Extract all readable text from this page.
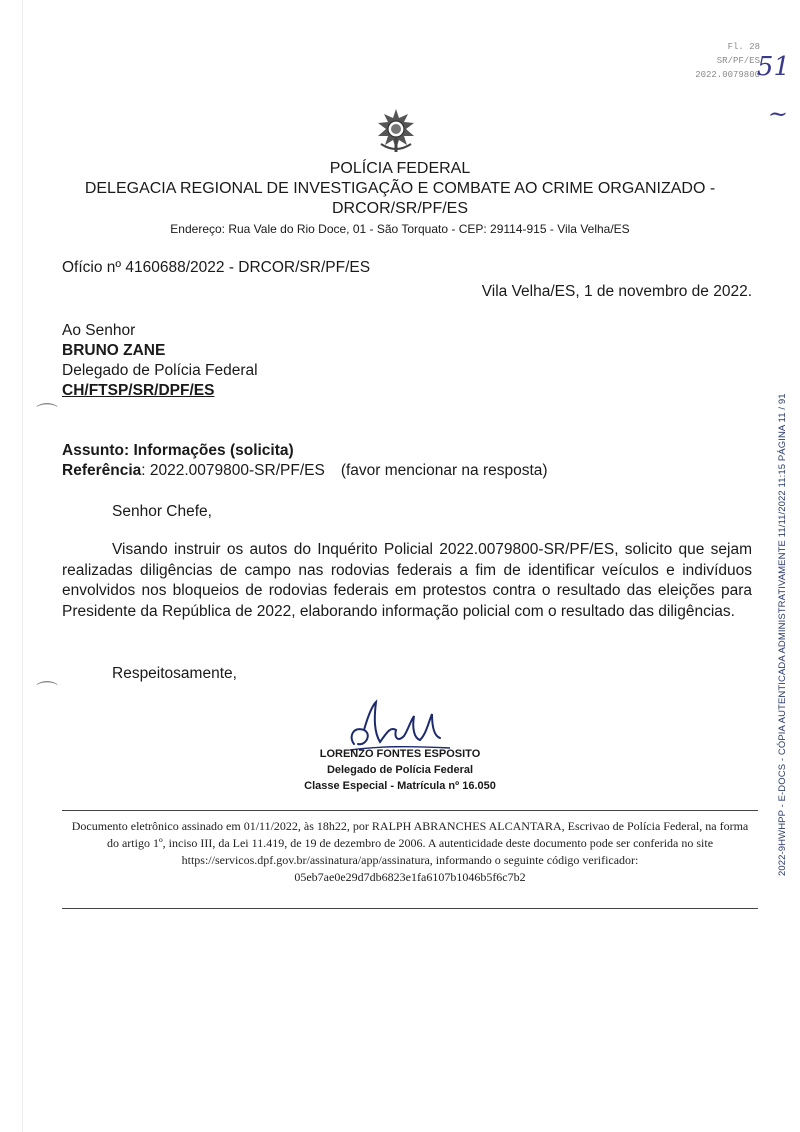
Fl. 28
SR/PF/ES
2022.0079800
51
~
POLÍCIA FEDERAL
DELEGACIA REGIONAL DE INVESTIGAÇÃO E COMBATE AO CRIME ORGANIZADO -
DRCOR/SR/PF/ES
Endereço: Rua Vale do Rio Doce, 01 - São Torquato - CEP: 29114-915 - Vila Velha/ES
Ofício nº 4160688/2022 - DRCOR/SR/PF/ES
Vila Velha/ES, 1 de novembro de 2022.
Ao Senhor
BRUNO ZANE
Delegado de Polícia Federal
CH/FTSP/SR/DPF/ES
⌒
Assunto: Informações (solicita)
Referência: 2022.0079800-SR/PF/ES (favor mencionar na resposta)
Senhor Chefe,
Visando instruir os autos do Inquérito Policial 2022.0079800-SR/PF/ES, solicito que sejam realizadas diligências de campo nas rodovias federais a fim de identificar veículos e indivíduos envolvidos nos bloqueios de rodovias federais em protestos contra o resultado das eleições para Presidente da República de 2022, elaborando informação policial com o resultado das diligências.
Respeitosamente,
⌒
LORENZO FONTES ESPOSITO
Delegado de Polícia Federal
Classe Especial - Matrícula nº 16.050
Documento eletrônico assinado em 01/11/2022, às 18h22, por RALPH ABRANCHES ALCANTARA, Escrivao de Polícia Federal, na forma do artigo 1º, inciso III, da Lei 11.419, de 19 de dezembro de 2006. A autenticidade deste documento pode ser conferida no site https://servicos.dpf.gov.br/assinatura/app/assinatura, informando o seguinte código verificador: 05eb7ae0e29d7db6823e1fa6107b1046b5f6c7b2
2022-9HWHPP - E-DOCS - CÓPIA AUTENTICADA ADMINISTRATIVAMENTE 11/11/2022 11:15 PÁGINA 11 / 91
